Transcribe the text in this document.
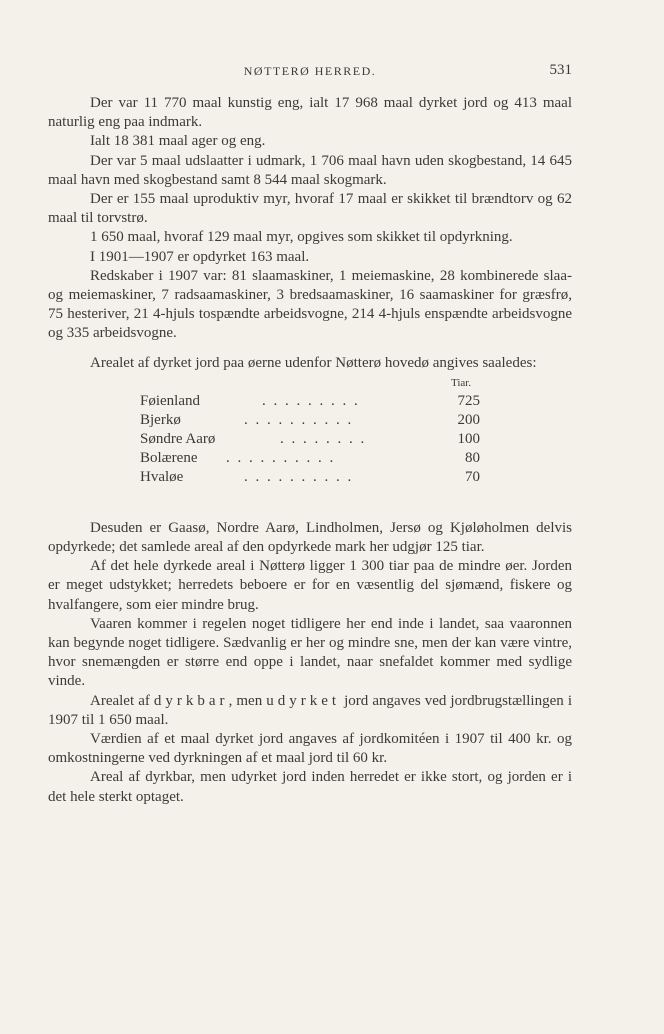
NØTTERØ HERRED.	531

Der var 11 770 maal kunstig eng, ialt 17 968 maal dyrket jord og 413 maal naturlig eng paa indmark.

Ialt 18 381 maal ager og eng.

Der var 5 maal udslaatter i udmark, 1 706 maal havn uden skogbestand, 14 645 maal havn med skogbestand samt 8 544 maal skogmark.

Der er 155 maal uproduktiv myr, hvoraf 17 maal er skikket til brændtorv og 62 maal til torvstrø.

1 650 maal, hvoraf 129 maal myr, opgives som skikket til opdyrkning.

I 1901—1907 er opdyrket 163 maal.

Redskaber i 1907 var: 81 slaamaskiner, 1 meiemaskine, 28 kombinerede slaa- og meiemaskiner, 7 radsaamaskiner, 3 bredsaamaskiner, 16 saamaskiner for græsfrø, 75 hesteriver, 21 4-hjuls tospændte arbeidsvogne, 214 4-hjuls enspændte arbeidsvogne og 335 arbeidsvogne.

Arealet af dyrket jord paa øerne udenfor Nøtterø hovedø angives saaledes:

Tiar.
Føienland	. . . . . . . . .	725
Bjerkø	. . . . . . . . . .	200
Søndre Aarø	. . . . . . . .	100
Bolærene . . . . . . . . . .	80
Hvaløe	. . . . . . . . . .	70

Desuden er Gaasø, Nordre Aarø, Lindholmen, Jersø og Kjøløholmen delvis opdyrkede; det samlede areal af den opdyrkede mark her udgjør 125 tiar.

Af det hele dyrkede areal i Nøtterø ligger 1 300 tiar paa de mindre øer. Jorden er meget udstykket; herredets beboere er for en væsentlig del sjømænd, fiskere og hvalfangere, som eier mindre brug.

Vaaren kommer i regelen noget tidligere her end inde i landet, saa vaaronnen kan begynde noget tidligere. Sædvanlig er her og mindre sne, men der kan være vintre, hvor snemængden er større end oppe i landet, naar snefaldet kommer med sydlige vinde.

Arealet af dyrkbar, men udyrket jord angaves ved jordbrugstællingen i 1907 til 1 650 maal.

Værdien af et maal dyrket jord angaves af jordkomitéen i 1907 til 400 kr. og omkostningerne ved dyrkningen af et maal jord til 60 kr.

Areal af dyrkbar, men udyrket jord inden herredet er ikke stort, og jorden er i det hele sterkt optaget.
